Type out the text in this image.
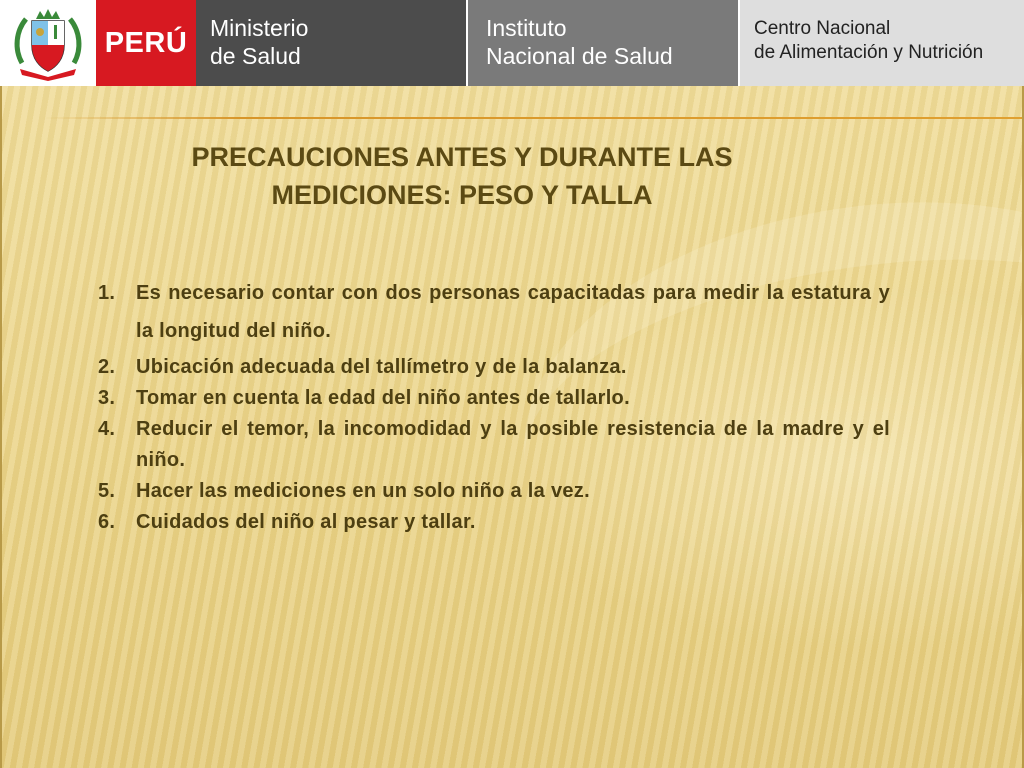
PERÚ Ministerio
de Salud
Instituto
Nacional de Salud
Centro Nacional
de Alimentación y Nutrición
PRECAUCIONES ANTES Y DURANTE LAS
MEDICIONES: PESO Y TALLA
1.	Es necesario contar con dos personas capacitadas para medir la estatura y la longitud del niño.
2.	Ubicación adecuada del tallímetro y de la balanza.
3.	Tomar en cuenta la edad del niño antes de tallarlo.
4.	Reducir el temor, la incomodidad y la posible resistencia de la madre y el niño.
5.	Hacer las mediciones en un solo niño a la vez.
6.	Cuidados del niño al pesar y tallar.
